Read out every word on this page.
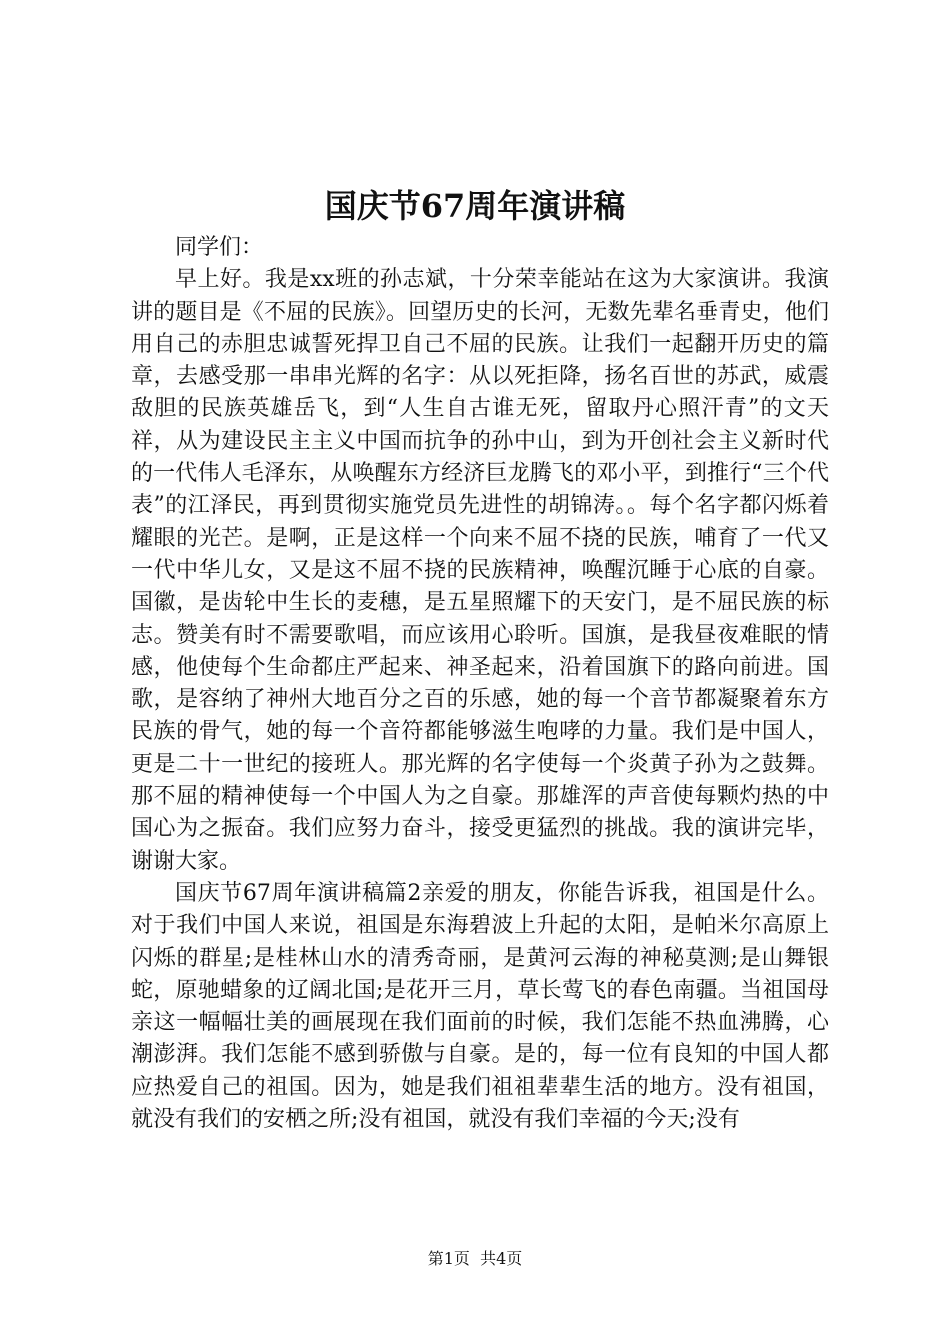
国庆节67周年演讲稿

同学们：

早上好。我是xx班的孙志斌，十分荣幸能站在这为大家演讲。我演讲的题目是《不屈的民族》。回望历史的长河，无数先辈名垂青史，他们用自己的赤胆忠诚誓死捍卫自己不屈的民族。让我们一起翻开历史的篇章，去感受那一串串光辉的名字：从以死拒降，扬名百世的苏武，威震敌胆的民族英雄岳飞，到“人生自古谁无死，留取丹心照汗青”的文天祥，从为建设民主主义中国而抗争的孙中山，到为开创社会主义新时代的一代伟人毛泽东，从唤醒东方经济巨龙腾飞的邓小平，到推行“三个代表”的江泽民，再到贯彻实施党员先进性的胡锦涛。。每个名字都闪烁着耀眼的光芒。是啊，正是这样一个向来不屈不挠的民族，哺育了一代又一代中华儿女，又是这不屈不挠的民族精神，唤醒沉睡于心底的自豪。国徽，是齿轮中生长的麦穗，是五星照耀下的天安门，是不屈民族的标志。赞美有时不需要歌唱，而应该用心聆听。国旗，是我昼夜难眠的情感，他使每个生命都庄严起来、神圣起来，沿着国旗下的路向前进。国歌，是容纳了神州大地百分之百的乐感，她的每一个音节都凝聚着东方民族的骨气，她的每一个音符都能够滋生咆哮的力量。我们是中国人，更是二十一世纪的接班人。那光辉的名字使每一个炎黄子孙为之鼓舞。那不屈的精神使每一个中国人为之自豪。那雄浑的声音使每颗灼热的中国心为之振奋。我们应努力奋斗，接受更猛烈的挑战。我的演讲完毕，谢谢大家。

国庆节67周年演讲稿篇2亲爱的朋友，你能告诉我，祖国是什么。对于我们中国人来说，祖国是东海碧波上升起的太阳，是帕米尔高原上闪烁的群星;是桂林山水的清秀奇丽，是黄河云海的神秘莫测;是山舞银蛇，原驰蜡象的辽阔北国;是花开三月，草长莺飞的春色南疆。当祖国母亲这一幅幅壮美的画展现在我们面前的时候，我们怎能不热血沸腾，心潮澎湃。我们怎能不感到骄傲与自豪。是的，每一位有良知的中国人都应热爱自己的祖国。因为，她是我们祖祖辈辈生活的地方。没有祖国，就没有我们的安栖之所;没有祖国，就没有我们幸福的今天;没有

第1页 共4页
